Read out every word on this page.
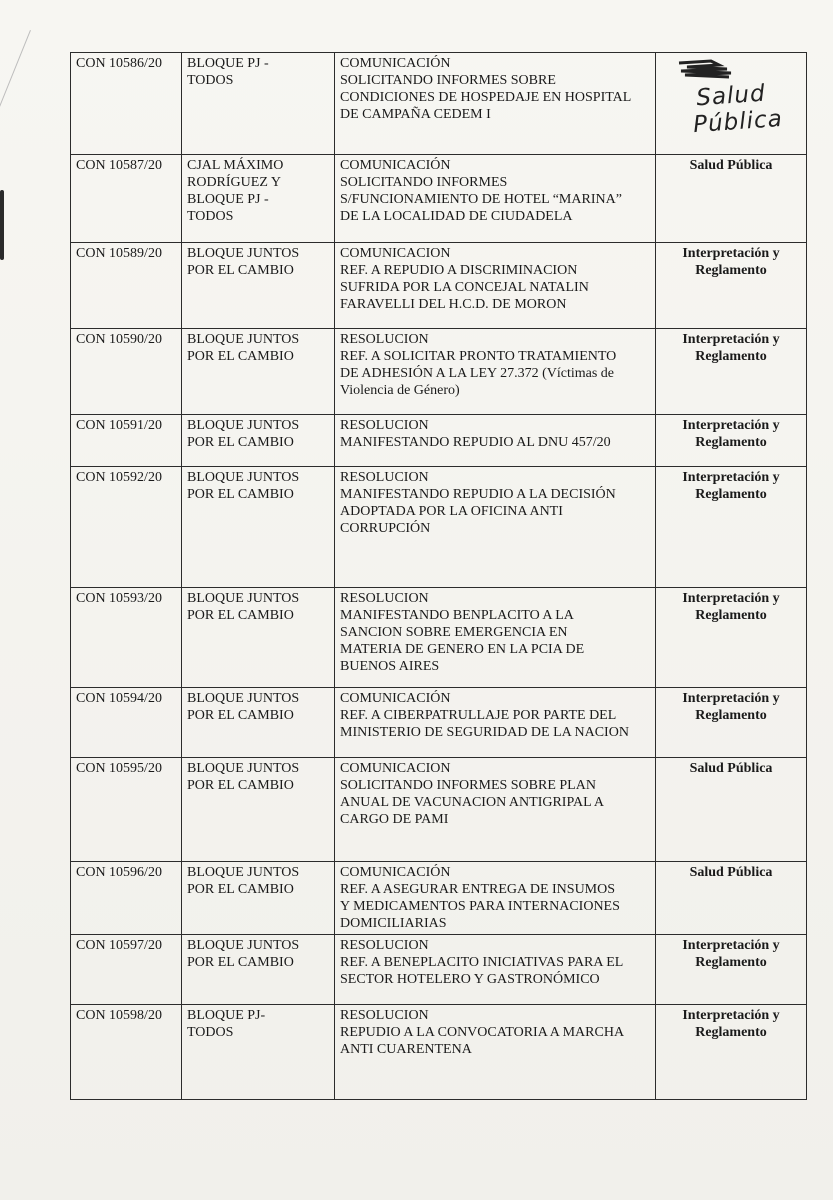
CON 10586/20	BLOQUE PJ -
TODOS	COMUNICACIÓN
SOLICITANDO INFORMES SOBRE
CONDICIONES DE HOSPEDAJE EN HOSPITAL
DE CAMPAÑA CEDEM I	Salud
Pública

CON 10587/20	CJAL MÁXIMO
RODRÍGUEZ Y
BLOQUE PJ -
TODOS	COMUNICACIÓN
SOLICITANDO INFORMES
S/FUNCIONAMIENTO DE HOTEL “MARINA”
DE LA LOCALIDAD DE CIUDADELA	Salud Pública
CON 10589/20	BLOQUE JUNTOS
POR EL CAMBIO	COMUNICACION
REF. A REPUDIO A DISCRIMINACION
SUFRIDA POR LA CONCEJAL NATALIN
FARAVELLI DEL H.C.D. DE MORON	Interpretación y
Reglamento
CON 10590/20	BLOQUE JUNTOS
POR EL CAMBIO	RESOLUCION
REF. A SOLICITAR PRONTO TRATAMIENTO
DE ADHESIÓN A LA LEY 27.372 (Víctimas de
Violencia de Género)	Interpretación y
Reglamento
CON 10591/20	BLOQUE JUNTOS
POR EL CAMBIO	RESOLUCION
MANIFESTANDO REPUDIO AL DNU 457/20	Interpretación y
Reglamento
CON 10592/20	BLOQUE JUNTOS
POR EL CAMBIO	RESOLUCION
MANIFESTANDO REPUDIO A LA DECISIÓN
ADOPTADA POR LA OFICINA ANTI
CORRUPCIÓN	Interpretación y
Reglamento
CON 10593/20	BLOQUE JUNTOS
POR EL CAMBIO	RESOLUCION
MANIFESTANDO BENPLACITO A LA
SANCION SOBRE EMERGENCIA EN
MATERIA DE GENERO EN LA PCIA DE
BUENOS AIRES	Interpretación y
Reglamento
CON 10594/20	BLOQUE JUNTOS
POR EL CAMBIO	COMUNICACIÓN
REF. A CIBERPATRULLAJE POR PARTE DEL
MINISTERIO DE SEGURIDAD DE LA NACION	Interpretación y
Reglamento
CON 10595/20	BLOQUE JUNTOS
POR EL CAMBIO	COMUNICACION
SOLICITANDO INFORMES SOBRE PLAN
ANUAL DE VACUNACION ANTIGRIPAL A
CARGO DE PAMI	Salud Pública
CON 10596/20	BLOQUE JUNTOS
POR EL CAMBIO	COMUNICACIÓN
REF. A ASEGURAR ENTREGA DE INSUMOS
Y MEDICAMENTOS PARA INTERNACIONES
DOMICILIARIAS	Salud Pública
CON 10597/20	BLOQUE JUNTOS
POR EL CAMBIO	RESOLUCION
REF. A BENEPLACITO INICIATIVAS PARA EL
SECTOR HOTELERO Y GASTRONÓMICO	Interpretación y
Reglamento
CON 10598/20	BLOQUE PJ-
TODOS	RESOLUCION
REPUDIO A LA CONVOCATORIA A MARCHA
ANTI CUARENTENA	Interpretación y
Reglamento
